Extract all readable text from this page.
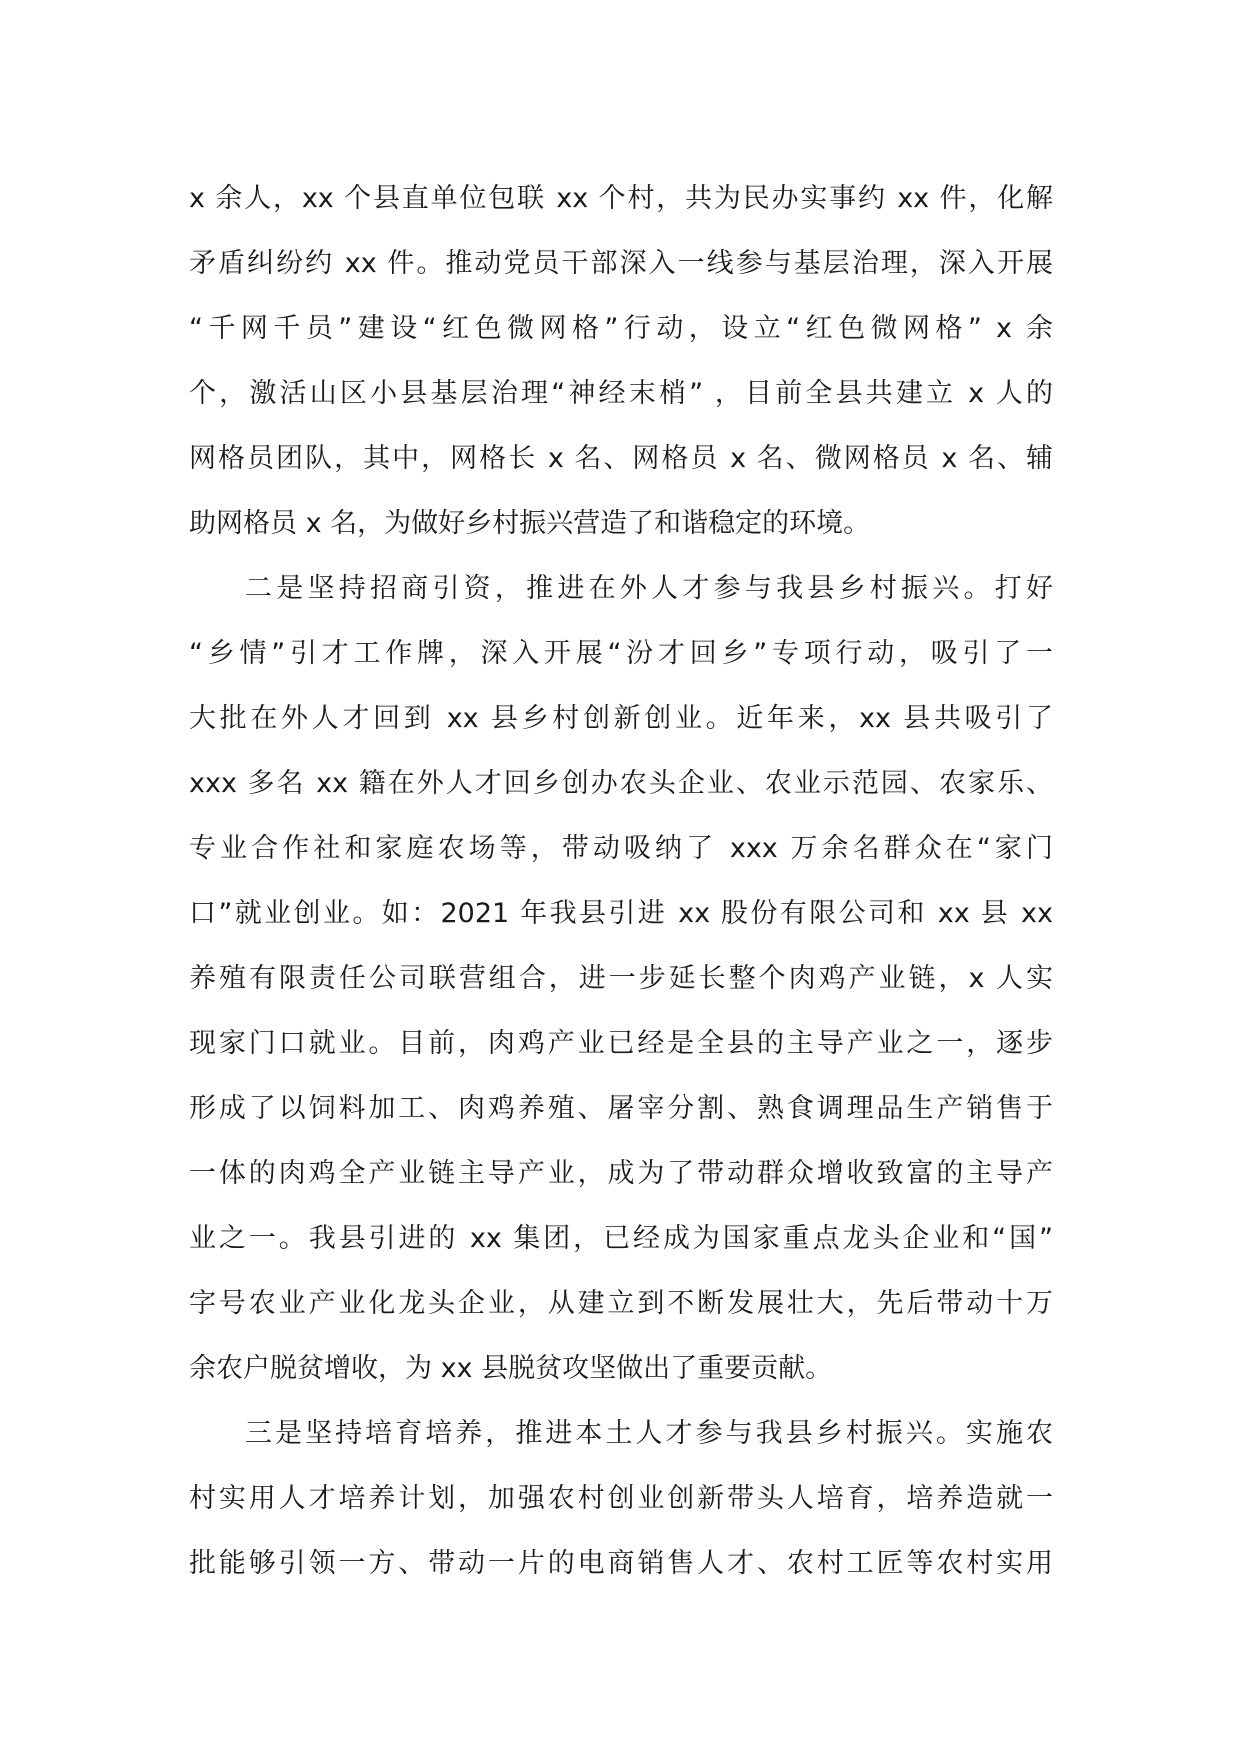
x 余人，xx 个县直单位包联 xx 个村，共为民办实事约 xx 件，化解
矛盾纠纷约 xx 件。推动党员干部深入一线参与基层治理，深入开展
“千网千员”建设“红色微网格”行动，设立“红色微网格” x 余
个，激活山区小县基层治理“神经末梢” ，目前全县共建立 x 人的
网格员团队，其中，网格长 x 名、网格员 x 名、微网格员 x 名、辅
助网格员 x 名，为做好乡村振兴营造了和谐稳定的环境。
二是坚持招商引资，推进在外人才参与我县乡村振兴。打好
“乡情”引才工作牌，深入开展“汾才回乡”专项行动，吸引了一
大批在外人才回到 xx 县乡村创新创业。近年来，xx 县共吸引了
xxx 多名 xx 籍在外人才回乡创办农头企业、农业示范园、农家乐、
专业合作社和家庭农场等，带动吸纳了 xxx 万余名群众在“家门
口”就业创业。如：2021 年我县引进 xx 股份有限公司和 xx 县 xx
养殖有限责任公司联营组合，进一步延长整个肉鸡产业链，x 人实
现家门口就业。目前，肉鸡产业已经是全县的主导产业之一，逐步
形成了以饲料加工、肉鸡养殖、屠宰分割、熟食调理品生产销售于
一体的肉鸡全产业链主导产业，成为了带动群众增收致富的主导产
业之一。我县引进的 xx 集团，已经成为国家重点龙头企业和“国”
字号农业产业化龙头企业，从建立到不断发展壮大，先后带动十万
余农户脱贫增收，为 xx 县脱贫攻坚做出了重要贡献。
三是坚持培育培养，推进本土人才参与我县乡村振兴。实施农
村实用人才培养计划，加强农村创业创新带头人培育，培养造就一
批能够引领一方、带动一片的电商销售人才、农村工匠等农村实用
